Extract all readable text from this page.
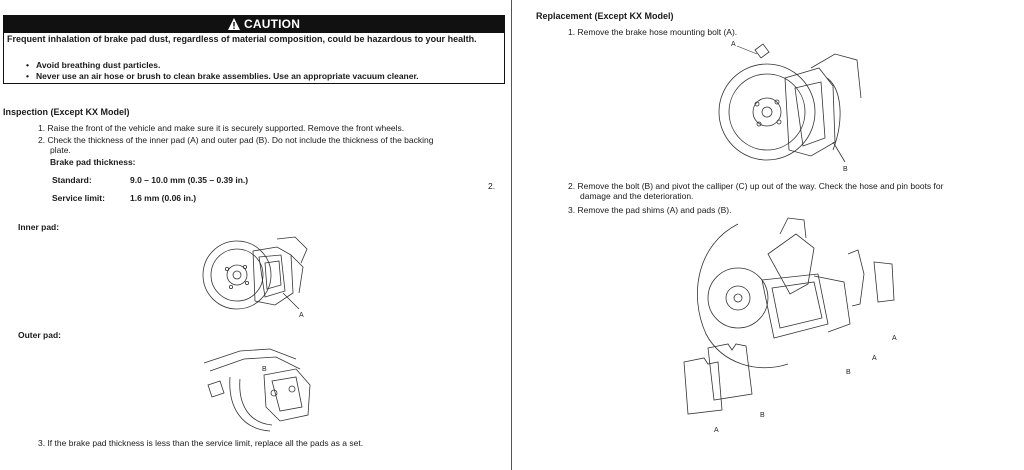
CAUTION
Frequent inhalation of brake pad dust, regardless of material composition, could be hazardous to your health.
• Avoid breathing dust particles.
• Never use an air hose or brush to clean brake assemblies. Use an appropriate vacuum cleaner.
Inspection (Except KX Model)
1. Raise the front of the vehicle and make sure it is securely supported. Remove the front wheels.
2. Check the thickness of the inner pad (A) and outer pad (B). Do not include the thickness of the backing
plate.
Brake pad thickness:
Standard:	9.0 – 10.0 mm (0.35 – 0.39 in.)
Service limit:	1.6 mm (0.06 in.)
2.
Inner pad:
Outer pad:
3. If the brake pad thickness is less than the service limit, replace all the pads as a set.
A
B
Replacement (Except KX Model)
1. Remove the brake hose mounting bolt (A).
2. Remove the bolt (B) and pivot the calliper (C) up out of the way. Check the hose and pin boots for
damage and the deterioration.
3. Remove the pad shims (A) and pads (B).
A
B
A
A
A
B
B
